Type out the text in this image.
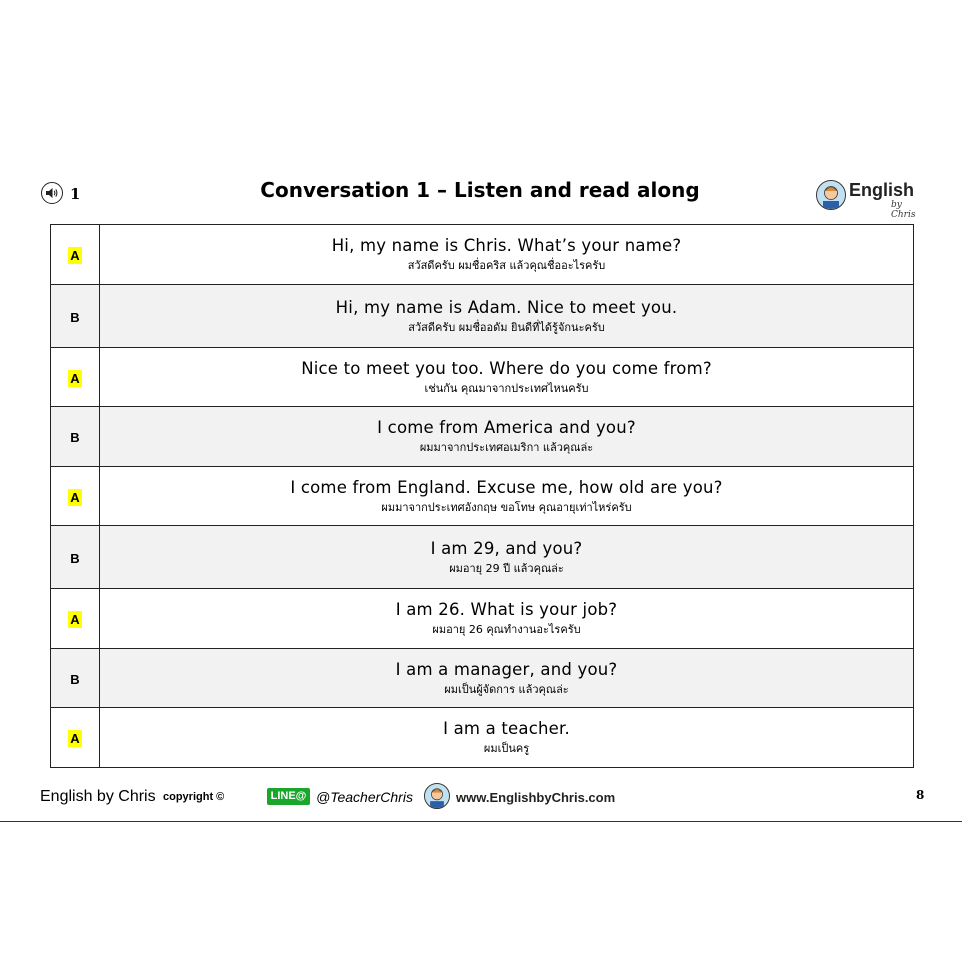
1	Conversation 1 – Listen and read along	English
by Chris
A	Hi, my name is Chris. What’s your name?
สวัสดีครับ ผมชื่อคริส แล้วคุณชื่ออะไรครับ

B	Hi, my name is Adam. Nice to meet you.
สวัสดีครับ ผมชื่ออดัม ยินดีที่ได้รู้จักนะครับ

A	Nice to meet you too. Where do you come from?
เช่นกัน คุณมาจากประเทศไหนครับ

B	I come from America and you?
ผมมาจากประเทศอเมริกา แล้วคุณล่ะ

A	I come from England. Excuse me, how old are you?
ผมมาจากประเทศอังกฤษ ขอโทษ คุณอายุเท่าไหร่ครับ

B	I am 29, and you?
ผมอายุ 29 ปี แล้วคุณล่ะ

A	I am 26. What is your job?
ผมอายุ 26 คุณทำงานอะไรครับ

B	I am a manager, and you?
ผมเป็นผู้จัดการ แล้วคุณล่ะ

A	I am a teacher.
ผมเป็นครู
English by Chris copyright ©	LINE@ @TeacherChris	www.EnglishbyChris.com	8
